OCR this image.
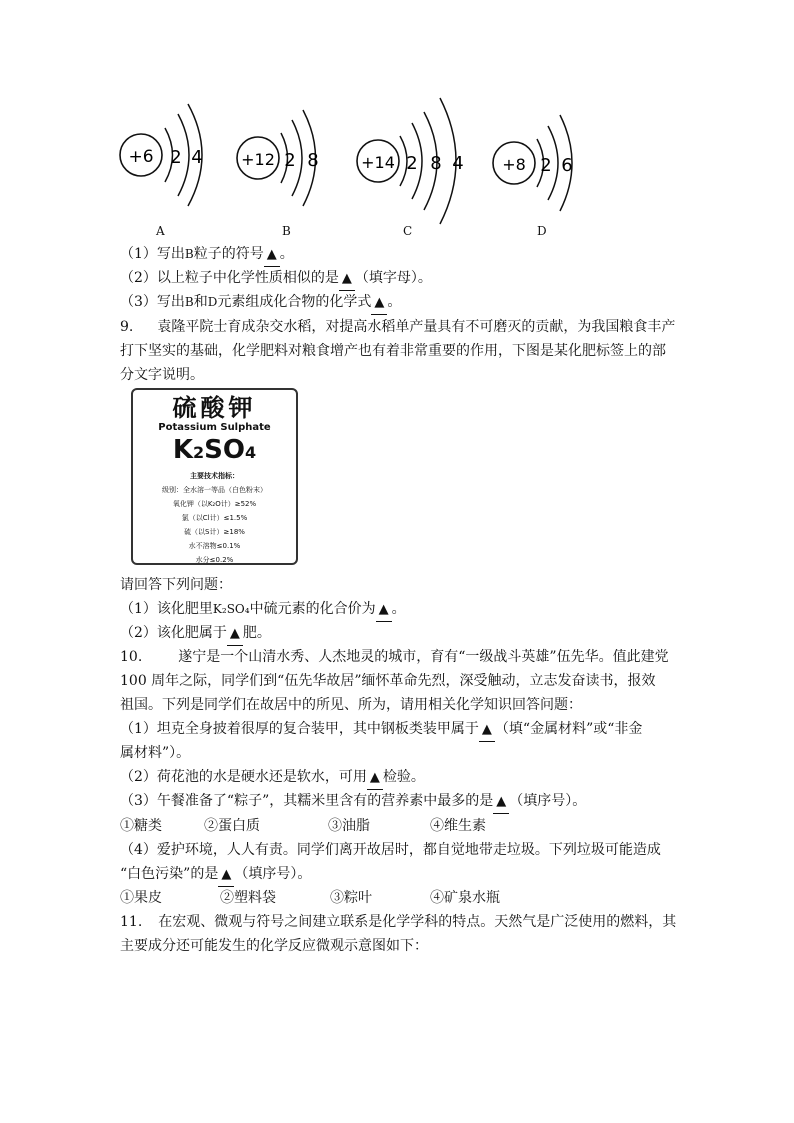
+6 2 4 +12 2 8	+14 2 8 4 +8 2 6
A	B	C	D
（1）写出B粒子的符号 ▲ 。
（2）以上粒子中化学性质相似的是 ▲ （填字母）。
（3）写出B和D元素组成化合物的化学式 ▲ 。
9. 袁隆平院士育成杂交水稻，对提高水稻单产量具有不可磨灭的贡献，为我国粮食丰产
打下坚实的基础，化学肥料对粮食增产也有着非常重要的作用，下图是某化肥标签上的部
分文字说明。
硫酸钾
Potassium Sulphate
K2SO4
主要技术指标：
级别：全水溶一等品（白色粉末）
氧化钾（以K₂O计）≥52%
氯（以Cl计）≤1.5%
硫（以S计）≥18%
水不溶物≤0.1%
水分≤0.2%
请回答下列问题：
（1）该化肥里K₂SO₄中硫元素的化合价为 ▲ 。
（2）该化肥属于 ▲ 肥。
10.	遂宁是一个山清水秀、人杰地灵的城市，育有“一级战斗英雄”伍先华。值此建党
100 周年之际，同学们到“伍先华故居”缅怀革命先烈，深受触动，立志发奋读书，报效
祖国。下列是同学们在故居中的所见、所为，请用相关化学知识回答问题：
（1）坦克全身披着很厚的复合装甲，其中钢板类装甲属于 ▲ （填“金属材料”或“非金
属材料”）。
（2）荷花池的水是硬水还是软水，可用 ▲ 检验。
（3）午餐准备了“粽子”，其糯米里含有的营养素中最多的是 ▲ （填序号）。
①糖类	②蛋白质	③油脂	④维生素
（4）爱护环境，人人有责。同学们离开故居时，都自觉地带走垃圾。下列垃圾可能造成
“白色污染”的是 ▲ （填序号）。
①果皮	②塑料袋	③粽叶	④矿泉水瓶
11. 在宏观、微观与符号之间建立联系是化学学科的特点。天然气是广泛使用的燃料，其
主要成分还可能发生的化学反应微观示意图如下：
